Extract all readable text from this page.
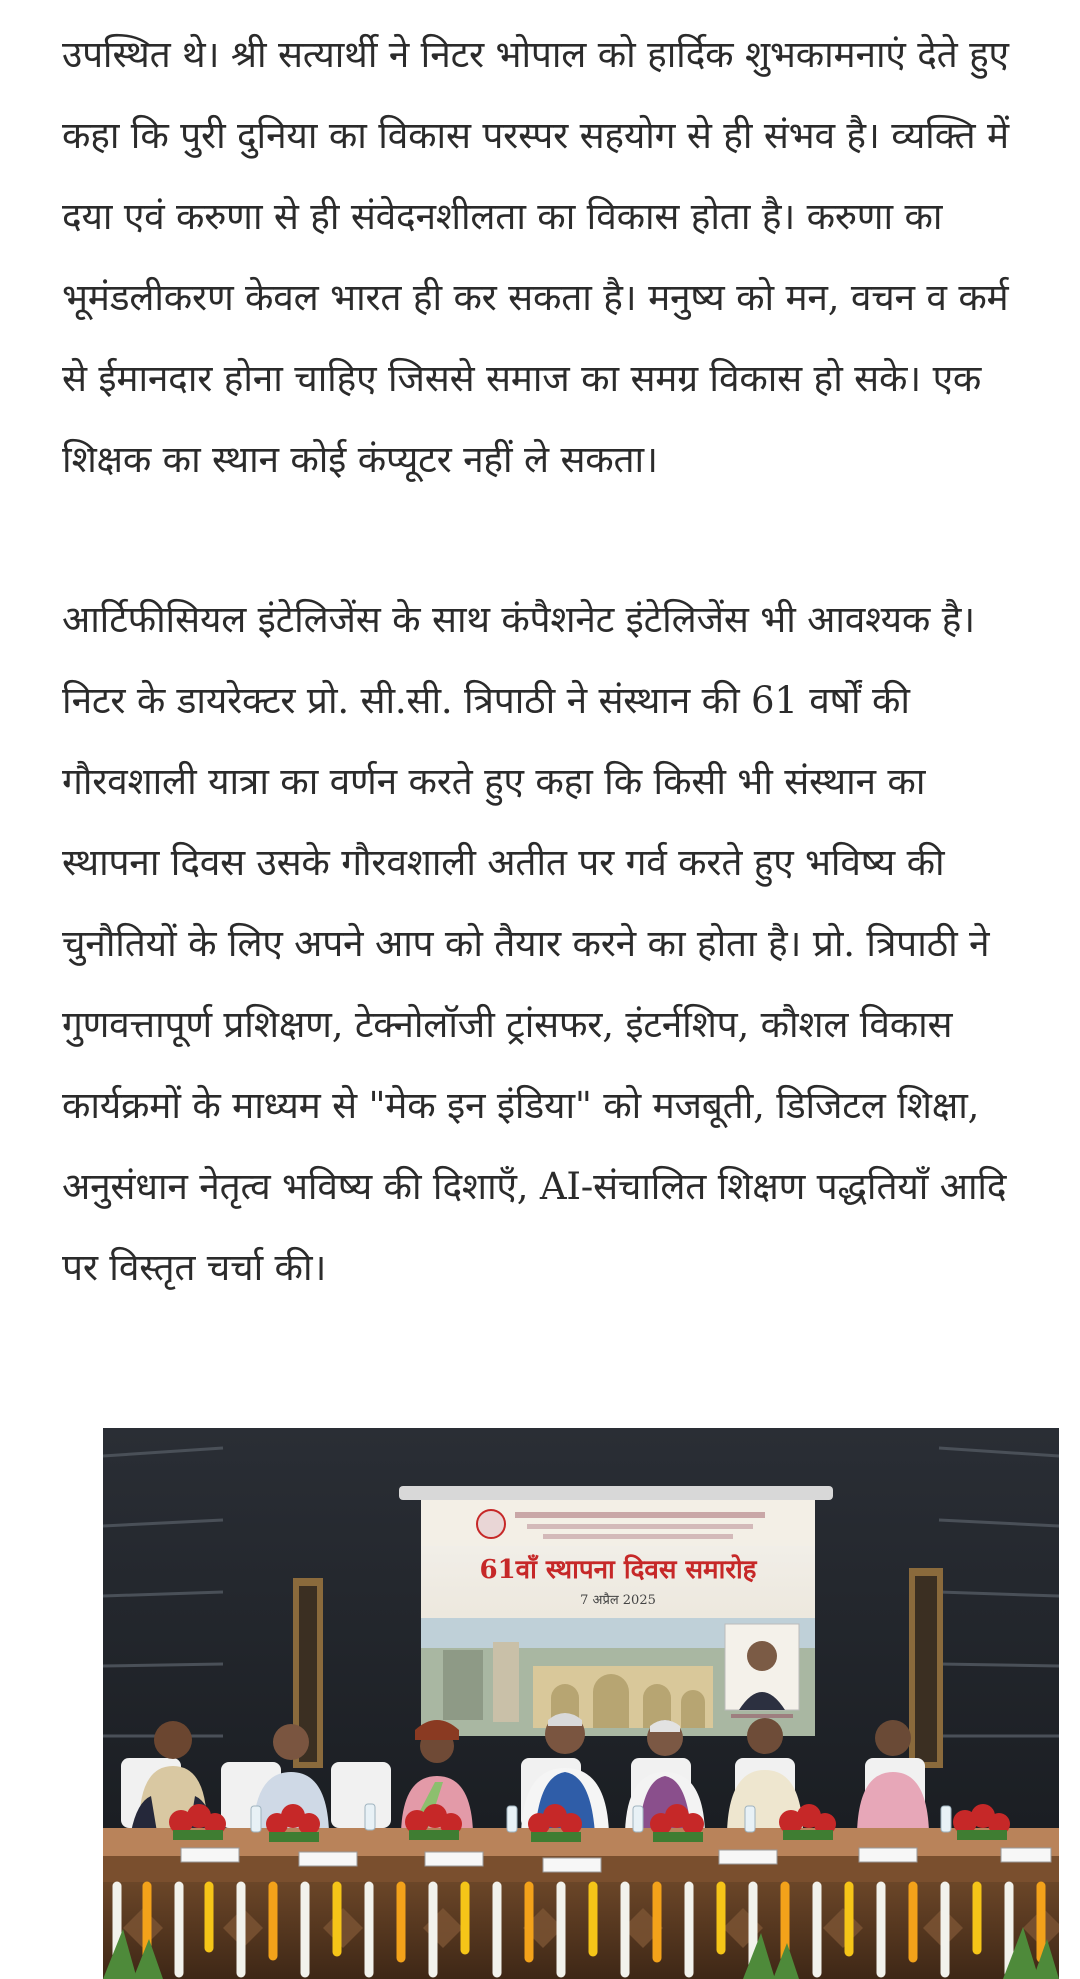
उपस्थित थे। श्री सत्यार्थी ने निटर भोपाल को हार्दिक शुभकामनाएं देते हुए कहा कि पुरी दुनिया का विकास परस्पर सहयोग से ही संभव है। व्यक्ति में दया एवं करुणा से ही संवेदनशीलता का विकास होता है। करुणा का भूमंडलीकरण केवल भारत ही कर सकता है। मनुष्य को मन, वचन व कर्म से ईमानदार होना चाहिए जिससे समाज का समग्र विकास हो सके। एक शिक्षक का स्थान कोई कंप्यूटर नहीं ले सकता।

आर्टिफीसियल इंटेलिजेंस के साथ कंपैशनेट इंटेलिजेंस भी आवश्यक है। निटर के डायरेक्टर प्रो. सी.सी. त्रिपाठी ने संस्थान की 61 वर्षों की गौरवशाली यात्रा का वर्णन करते हुए कहा कि किसी भी संस्थान का स्थापना दिवस उसके गौरवशाली अतीत पर गर्व करते हुए भविष्य की चुनौतियों के लिए अपने आप को तैयार करने का होता है। प्रो. त्रिपाठी ने गुणवत्तापूर्ण प्रशिक्षण, टेक्नोलॉजी ट्रांसफर, इंटर्नशिप, कौशल विकास कार्यक्रमों के माध्यम से "मेक इन इंडिया" को मजबूती, डिजिटल शिक्षा, अनुसंधान नेतृत्व भविष्य की दिशाएँ, AI-संचालित शिक्षण पद्धतियाँ आदि पर विस्तृत चर्चा की।

61वाँ स्थापना दिवस समारोह
7 अप्रैल 2025
